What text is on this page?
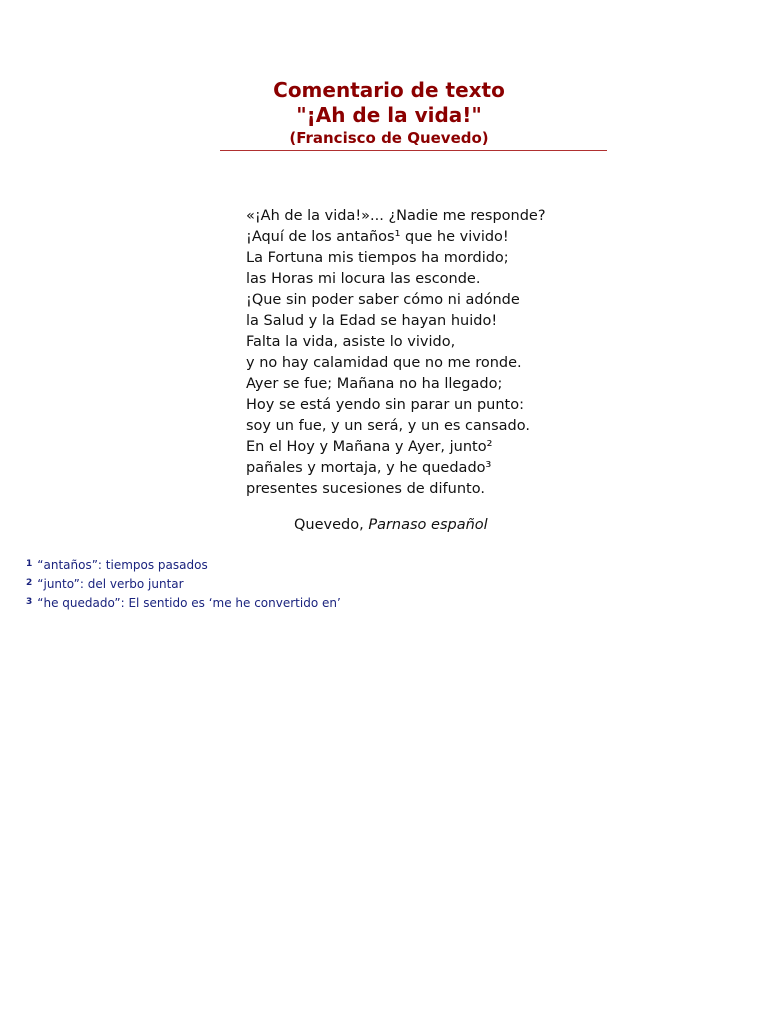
Comentario de texto

"¡Ah de la vida!"

(Francisco de Quevedo)

«¡Ah de la vida!»... ¿Nadie me responde?
¡Aquí de los antaños¹ que he vivido!
La Fortuna mis tiempos ha mordido;
las Horas mi locura las esconde.
¡Que sin poder saber cómo ni adónde
la Salud y la Edad se hayan huido!
Falta la vida, asiste lo vivido,
y no hay calamidad que no me ronde.
Ayer se fue; Mañana no ha llegado;
Hoy se está yendo sin parar un punto:
soy un fue, y un será, y un es cansado.
En el Hoy y Mañana y Ayer, junto²
pañales y mortaja, y he quedado³
presentes sucesiones de difunto.
Quevedo, Parnaso español
$^1$ “antaños”: tiempos pasados
$^2$ “junto”: del verbo juntar
$^3$ “he quedado”: El sentido es ‘me he convertido en’
